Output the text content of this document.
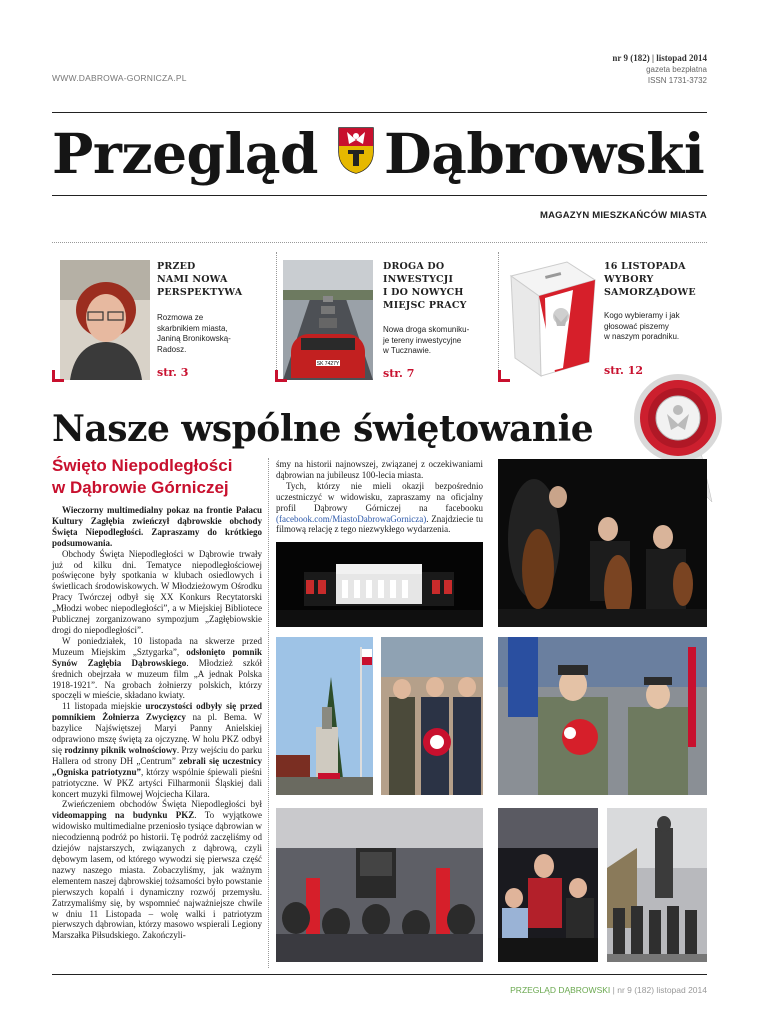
WWW.DABROWA-GORNICZA.PL
nr 9 (182) | listopad 2014
gazeta bezpłatna
ISSN 1731-3732
Przegląd Dąbrowski
MAGAZYN MIESZKAŃCÓW MIASTA
PRZED
NAMI NOWA
PERSPEKTYWA
Rozmowa ze
skarbnikiem miasta,
Janiną Bronikowską-
Radosz.
str. 3
SK 7427Y
DROGA DO
INWESTYCJI
I DO NOWYCH
MIEJSC PRACY
Nowa droga skomuniku-
je tereny inwestycyjne
w Tucznawie.
str. 7
16 LISTOPADA
WYBORY
SAMORZĄDOWE
Kogo wybieramy i jak
głosować piszemy
w naszym poradniku.
str. 12
Nasze wspólne świętowanie
Święto Niepodległości
w Dąbrowie Górniczej

Wieczorny multimedialny pokaz na frontie Pałacu Kultury Zagłębia zwieńczył dąbrowskie obchody Święta Niepodległości. Zapraszamy do krótkiego podsumowania.

Obchody Święta Niepodległości w Dąbrowie trwały już od kilku dni. Tematyce niepodległościowej poświęcone były spotkania w klubach osiedlowych i świetlicach środowiskowych. W Młodzieżowym Ośrodku Pracy Twórczej odbył się XX Konkurs Recytatorski „Młodzi wobec niepodległości”, a w Miejskiej Bibliotece Publicznej zorganizowano sympozjum „Zagłębiowskie drogi do niepodległości”.

W poniedziałek, 10 listopada na skwerze przed Muzeum Miejskim „Sztygarka”, odsłonięto pomnik Synów Zagłębia Dąbrowskiego. Młodzież szkół średnich obejrzała w muzeum film „A jednak Polska 1918-1921”. Na grobach żołnierzy polskich, którzy spoczęli w mieście, składano kwiaty.

11 listopada miejskie uroczystości odbyły się przed pomnikiem Żołnierza Zwycięzcy na pl. Bema. W bazylice Najświętszej Maryi Panny Anielskiej odprawiono mszę świętą za ojczyznę. W holu PKZ odbył się rodzinny piknik wolnościowy. Przy wejściu do parku Hallera od strony DH „Centrum” zebrali się uczestnicy „Ogniska patriotyznu”, którzy wspólnie śpiewali pieśni patriotyczne. W PKZ artyści Filharmonii Śląskiej dali koncert muzyki filmowej Wojciecha Kilara.

Zwieńczeniem obchodów Święta Niepodległości był videomapping na budynku PKZ. To wyjątkowe widowisko multimedialne przeniosło tysiące dąbrowian w niecodzienną podróż po historii. Tę podróż zaczęliśmy od dziejów najstarszych, związanych z dąbrową, czyli dębowym lasem, od którego wywodzi się pierwsza część nazwy naszego miasta. Zobaczyliśmy, jak ważnym elementem naszej dąbrowskiej tożsamości było powstanie pierwszych kopalń i dynamiczny rozwój przemysłu. Zatrzymaliśmy się, by wspomnieć najważniejsze chwile w dniu 11 Listopada – wolę walki i patriotyzm pierwszych dąbrowian, którzy masowo wspierali Legiony Marszałka Piłsudskiego. Zakończyli-

śmy na historii najnowszej, związanej z oczekiwaniami dąbrowian na jubileusz 100-lecia miasta.

Tych, którzy nie mieli okazji bezpośrednio uczestniczyć w widowisku, zapraszamy na oficjalny profil Dąbrowy Górniczej na facebooku (facebook.com/MiastoDabrowaGornicza). Znajdziecie tu filmową relację z tego niezwykłego wydarzenia.

PRZEGLĄD DĄBROWSKI | nr 9 (182) listopad 2014
